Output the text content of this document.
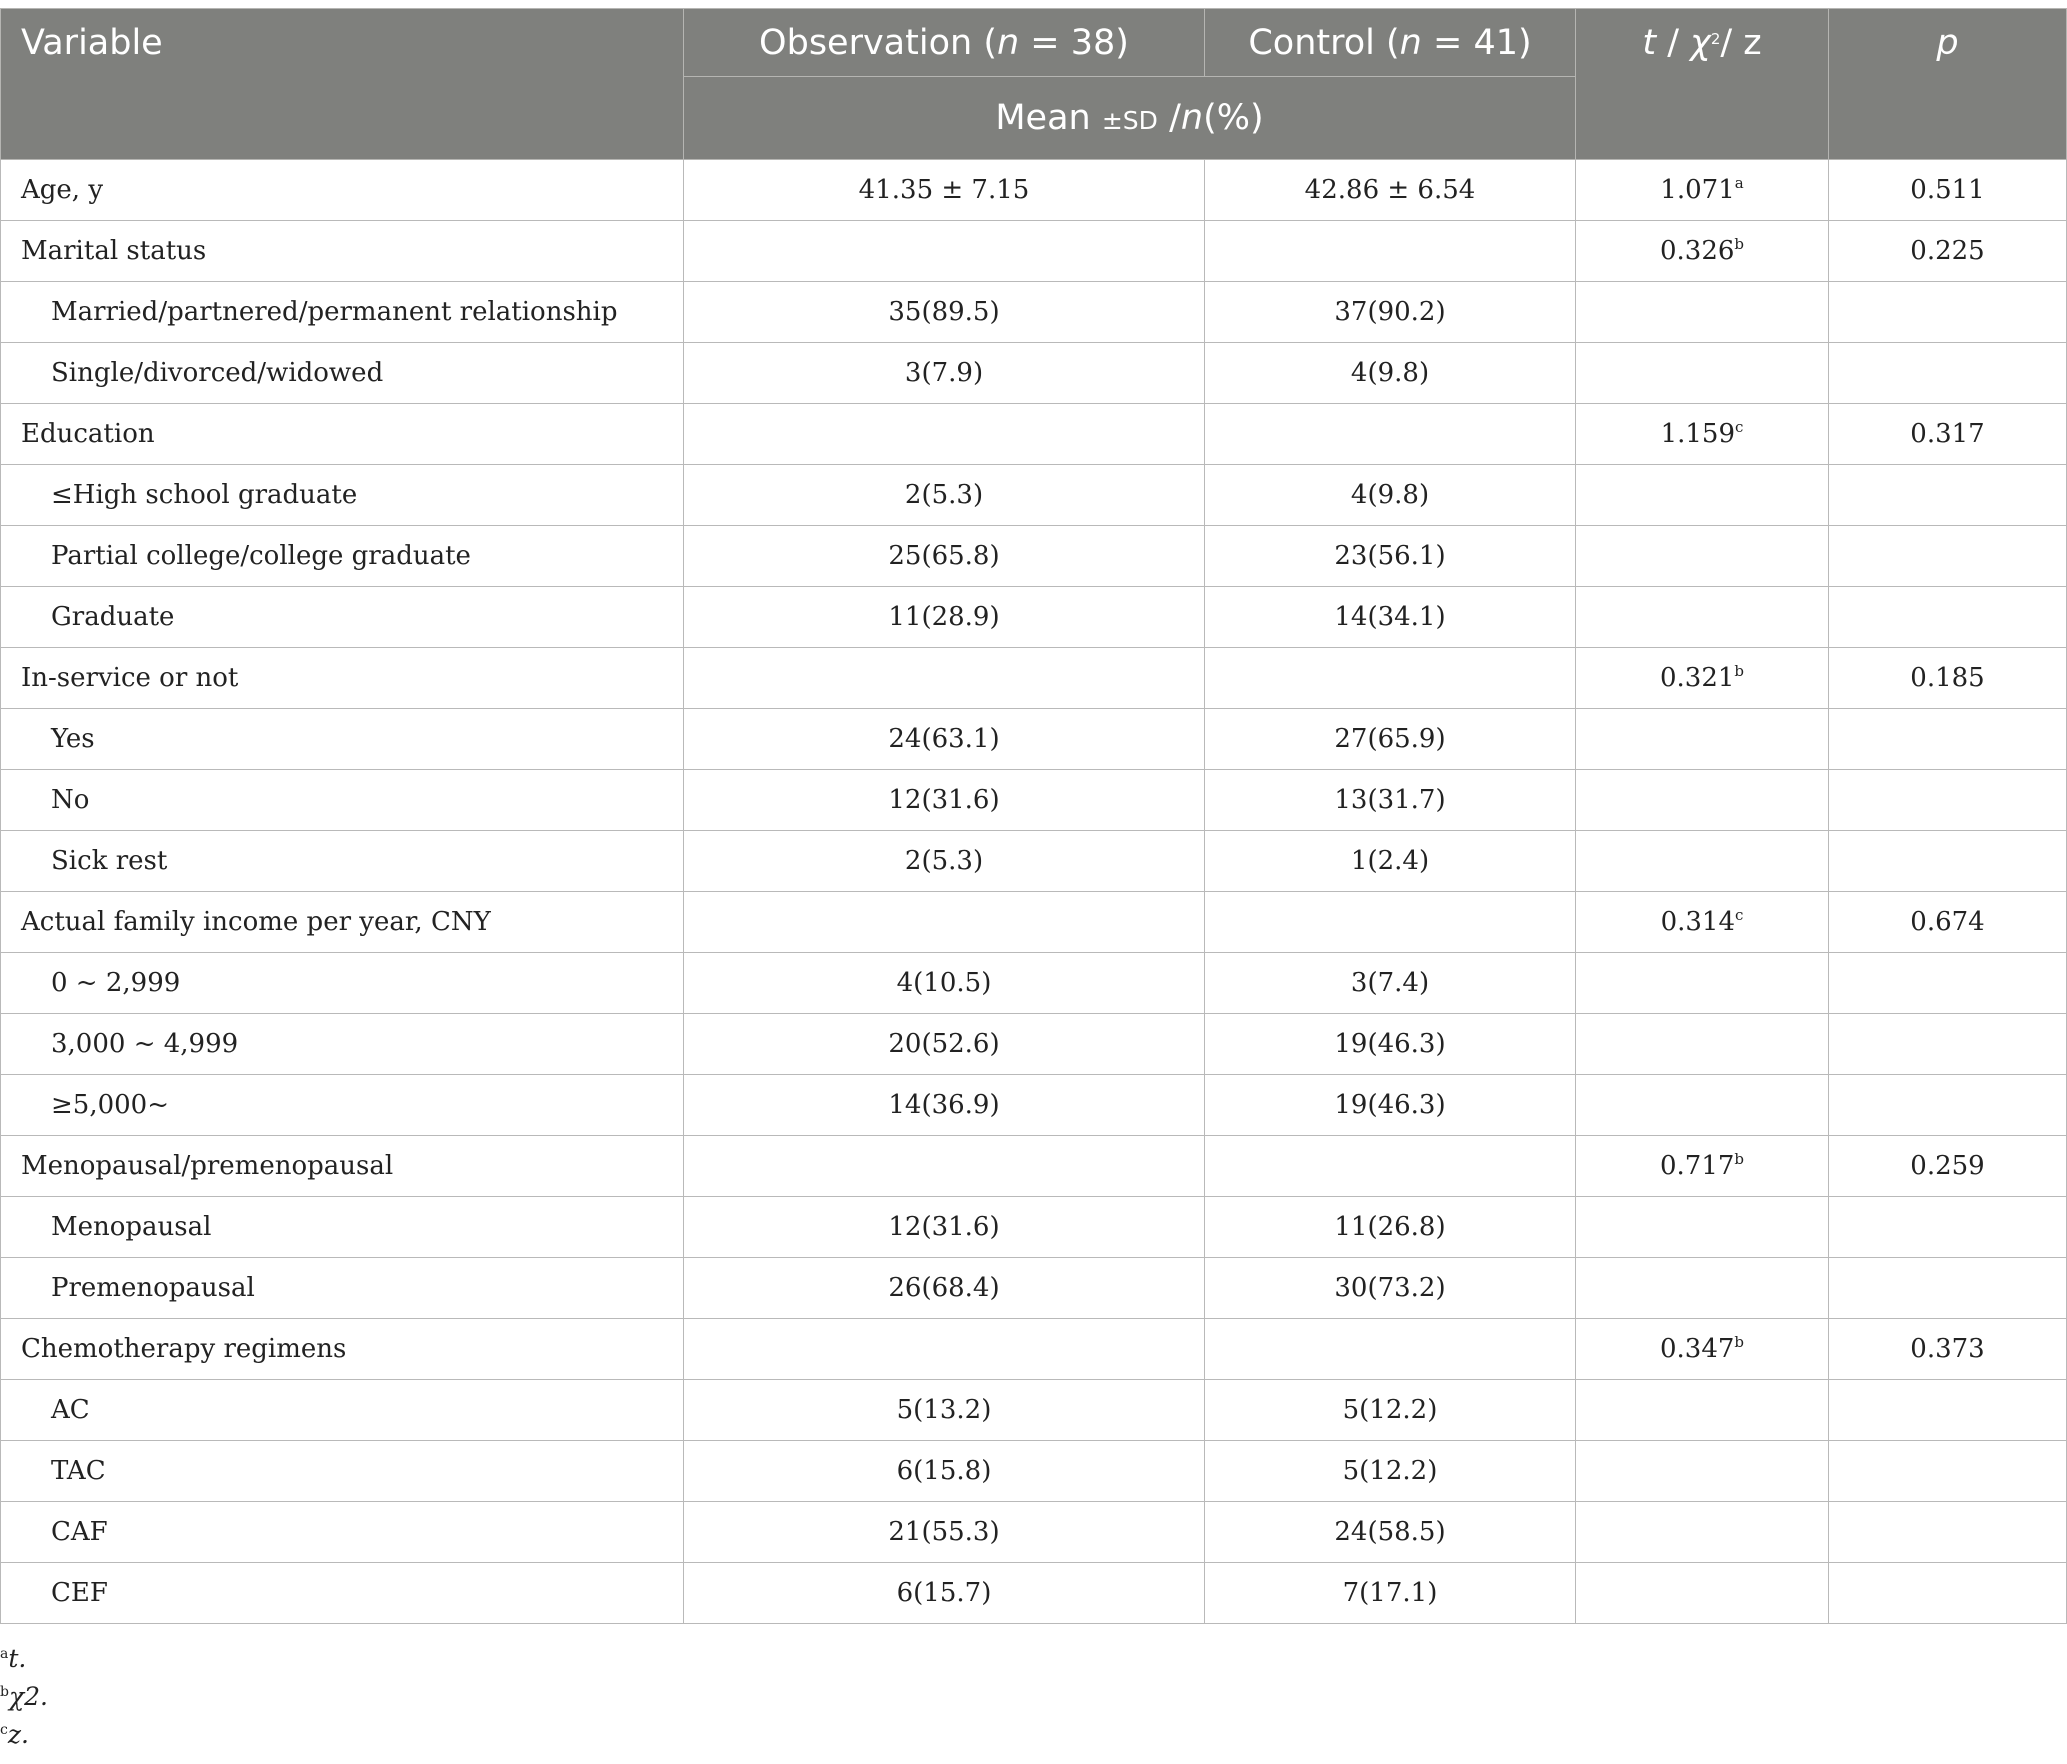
Variable	Observation (n = 38)	Control (n = 41)	t / $\chi^2/$ z	p
	Mean ±SD /n(%)			
Age, y	41.35 ± 7.15	42.86 ± 6.54	1.071$^a$	0.511
Marital status			0.326$^b$	0.225
Married/partnered/permanent relationship	35(89.5)	37(90.2)		
Single/divorced/widowed	3(7.9)	4(9.8)		
Education			1.159$^c$	0.317
≤High school graduate	2(5.3)	4(9.8)		
Partial college/college graduate	25(65.8)	23(56.1)		
Graduate	11(28.9)	14(34.1)		
In-service or not			0.321$^b$	0.185
Yes	24(63.1)	27(65.9)		
No	12(31.6)	13(31.7)		
Sick rest	2(5.3)	1(2.4)		
Actual family income per year, CNY			0.314$^c$	0.674
0 ~ 2,999	4(10.5)	3(7.4)		
3,000 ~ 4,999	20(52.6)	19(46.3)		
≥5,000~	14(36.9)	19(46.3)		
Menopausal/premenopausal			0.717$^b$	0.259
Menopausal	12(31.6)	11(26.8)		
Premenopausal	26(68.4)	30(73.2)		
Chemotherapy regimens			0.347$^b$	0.373
AC	5(13.2)	5(12.2)		
TAC	6(15.8)	5(12.2)		
CAF	21(55.3)	24(58.5)		
CEF	6(15.7)	7(17.1)		
$^a$t.
$^b$χ2.
$^c$z.
